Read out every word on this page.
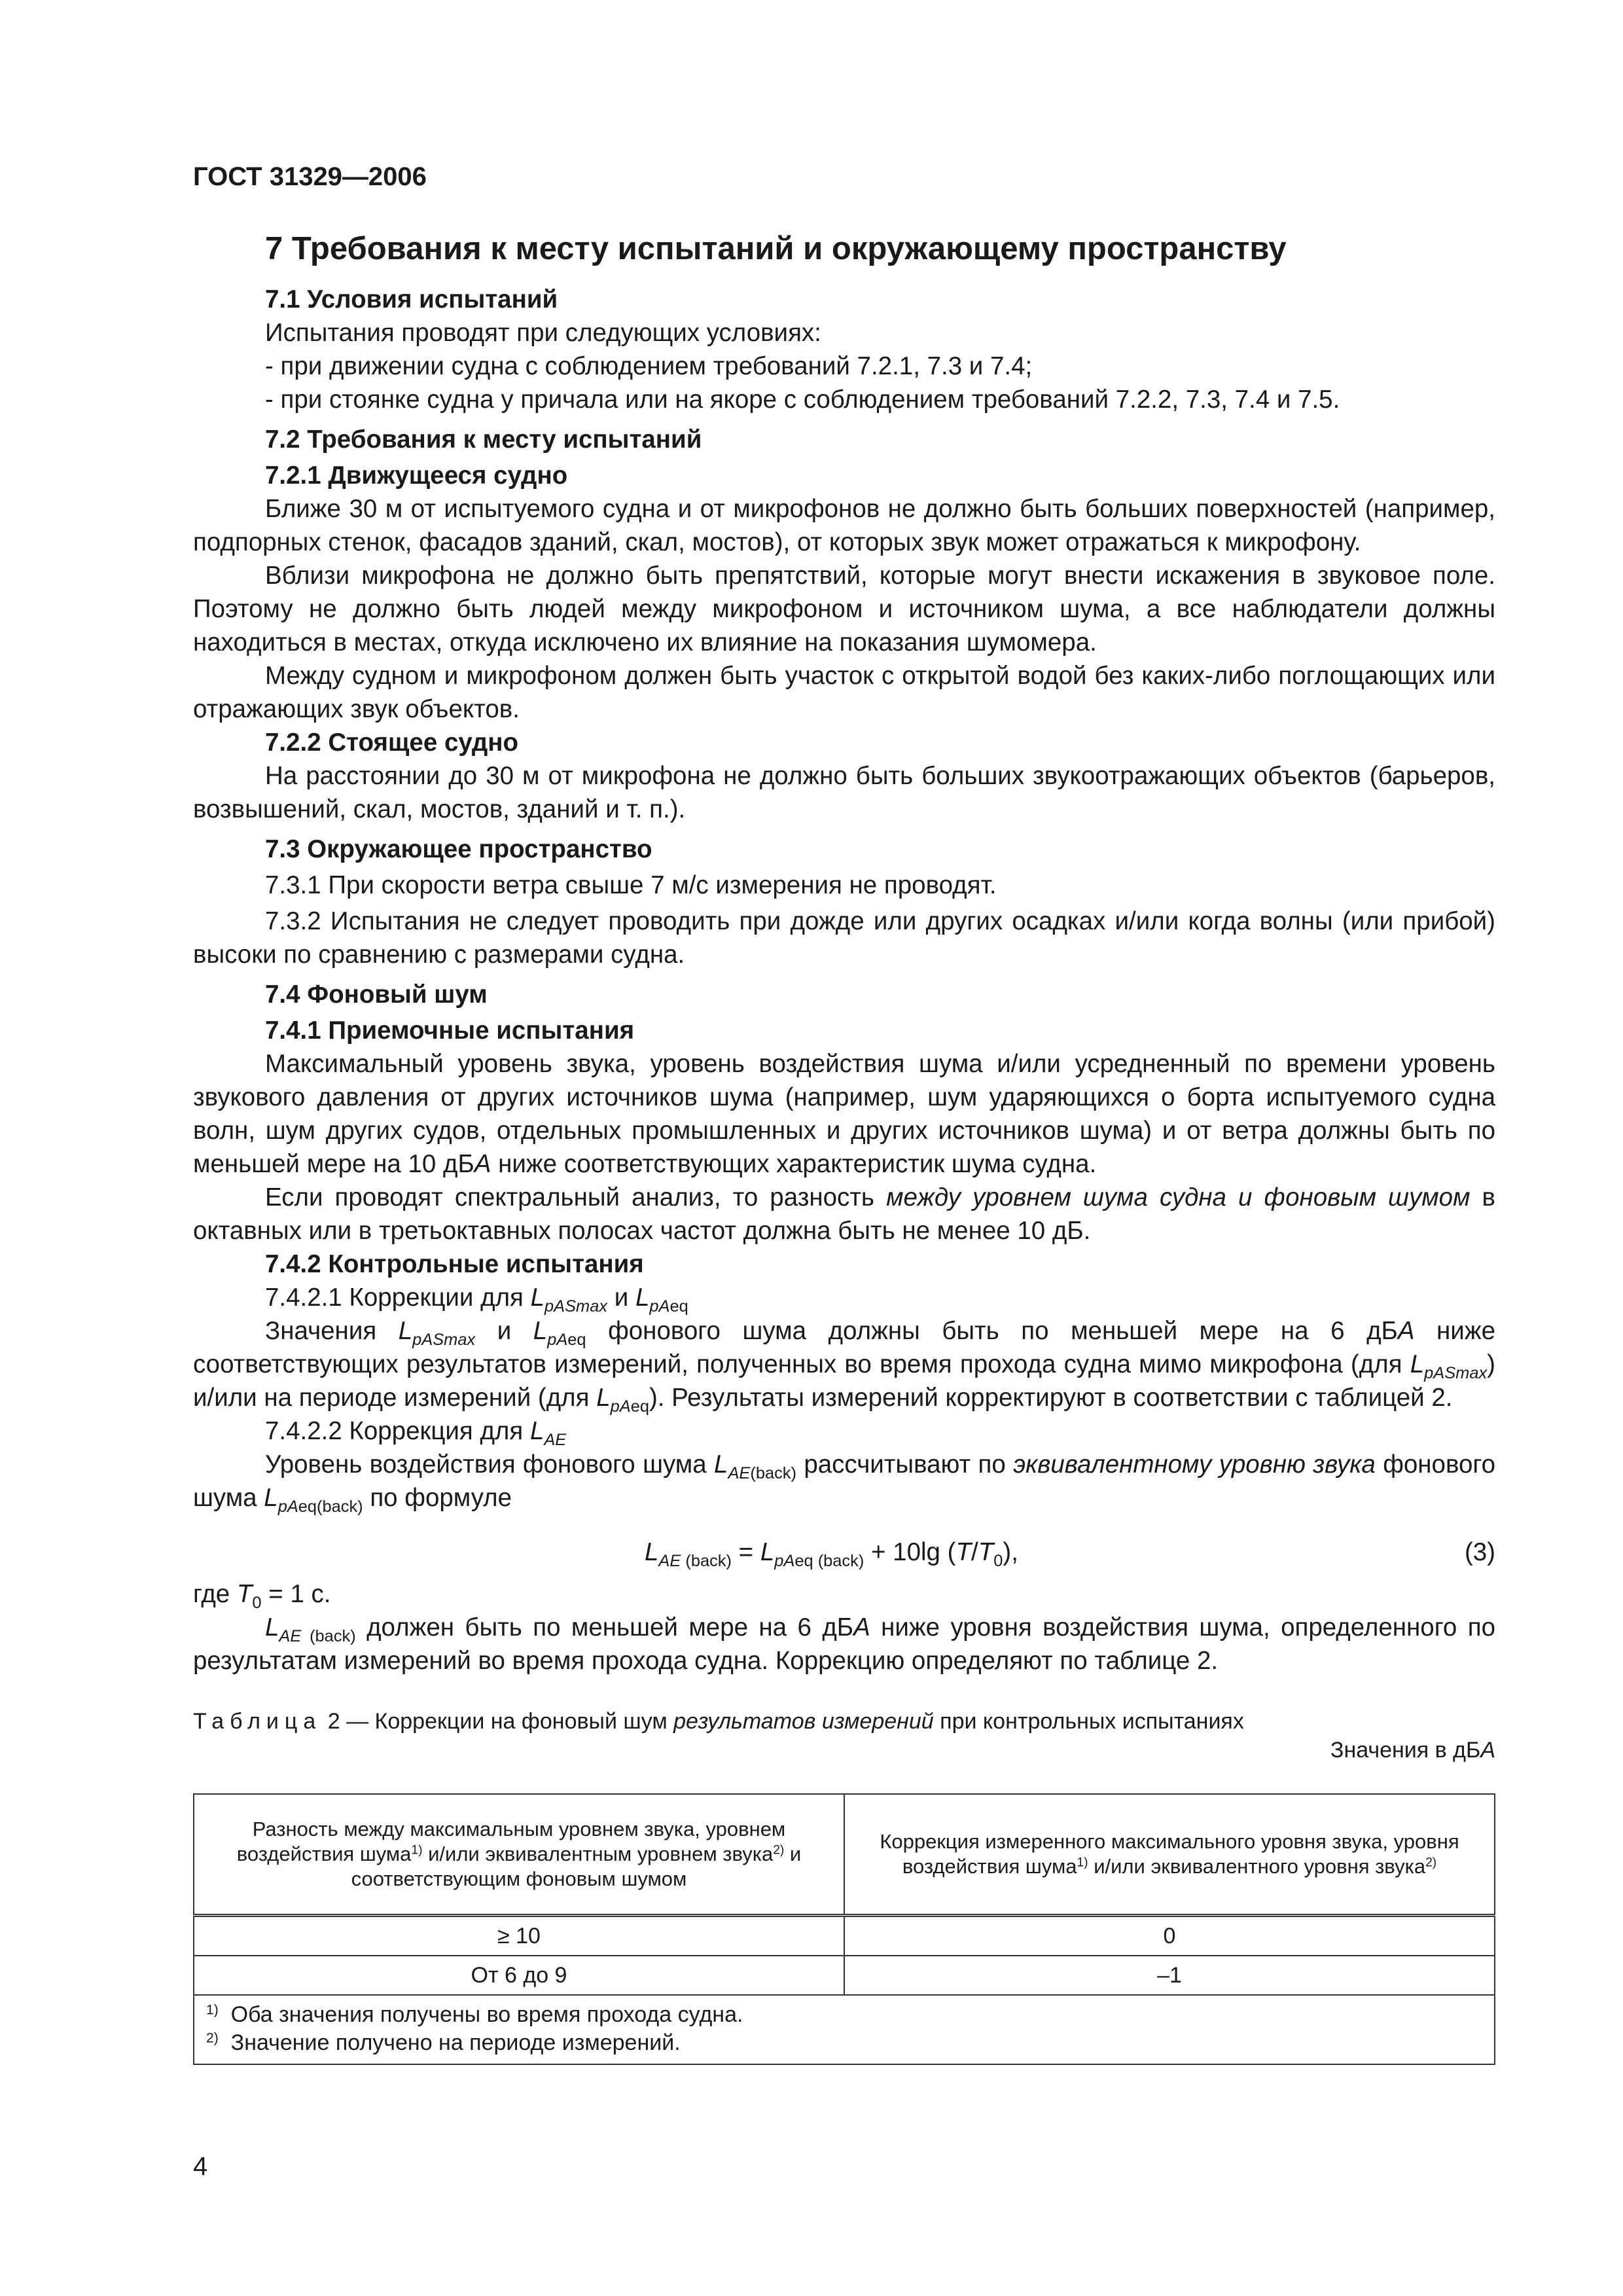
ГОСТ 31329—2006
7 Требования к месту испытаний и окружающему пространству

7.1 Условия испытаний

Испытания проводят при следующих условиях:

- при движении судна с соблюдением требований 7.2.1, 7.3 и 7.4;

- при стоянке судна у причала или на якоре с соблюдением требований 7.2.2, 7.3, 7.4 и 7.5.

7.2 Требования к месту испытаний

7.2.1 Движущееся судно

Ближе 30 м от испытуемого судна и от микрофонов не должно быть больших поверхностей (например, подпорных стенок, фасадов зданий, скал, мостов), от которых звук может отражаться к микрофону.

Вблизи микрофона не должно быть препятствий, которые могут внести искажения в звуковое поле. Поэтому не должно быть людей между микрофоном и источником шума, а все наблюдатели должны находиться в местах, откуда исключено их влияние на показания шумомера.

Между судном и микрофоном должен быть участок с открытой водой без каких-либо поглощающих или отражающих звук объектов.

7.2.2 Стоящее судно

На расстоянии до 30 м от микрофона не должно быть больших звукоотражающих объектов (барьеров, возвышений, скал, мостов, зданий и т. п.).

7.3 Окружающее пространство

7.3.1 При скорости ветра свыше 7 м/с измерения не проводят.

7.3.2 Испытания не следует проводить при дожде или других осадках и/или когда волны (или прибой) высоки по сравнению с размерами судна.

7.4 Фоновый шум

7.4.1 Приемочные испытания

Максимальный уровень звука, уровень воздействия шума и/или усредненный по времени уровень звукового давления от других источников шума (например, шум ударяющихся о борта испытуемого судна волн, шум других судов, отдельных промышленных и других источников шума) и от ветра должны быть по меньшей мере на 10 дБА ниже соответствующих характеристик шума судна.

Если проводят спектральный анализ, то разность между уровнем шума судна и фоновым шумом в октавных или в третьоктавных полосах частот должна быть не менее 10 дБ.

7.4.2 Контрольные испытания

7.4.2.1 Коррекции для $L_{pASmax}$ и $L_{pAeq}$

Значения $L_{pASmax}$ и $L_{pAeq}$ фонового шума должны быть по меньшей мере на 6 дБА ниже соответствующих результатов измерений, полученных во время прохода судна мимо микрофона (для $L_{pASmax}$) и/или на периоде измерений (для $L_{pAeq}$). Результаты измерений корректируют в соответствии с таблицей 2.

7.4.2.2 Коррекция для $L_{AE}$

Уровень воздействия фонового шума $L_{AE(back)}$ рассчитывают по эквивалентному уровню звука фонового шума $L_{pAeq(back)}$ по формуле

$L_{AE (back)} = L_{pAeq (back)} + 10\lg$ $(T/T_0)$,	(3)

где $T_0 = 1$ с.

$L_{AE (back)}$ должен быть по меньшей мере на 6 дБА ниже уровня воздействия шума, определенного по результатам измерений во время прохода судна. Коррекцию определяют по таблице 2.

Таблица 2 — Коррекции на фоновый шум результатов измерений при контрольных испытаниях
Значения в дБА
Разность между максимальным уровнем звука, уровнем воздействия шума$^{1)}$ и/или эквивалентным уровнем звука$^{2)}$ и соответствующим фоновым шумом	Коррекция измеренного максимального уровня звука, уровня воздействия шума$^{1)}$ и/или эквивалентного уровня звука$^{2)}$
≥ 10	0
От 6 до 9	–1

$^{1)}$ Оба значения получены во время прохода судна.
$^{2)}$ Значение получено на периоде измерений.	
4
